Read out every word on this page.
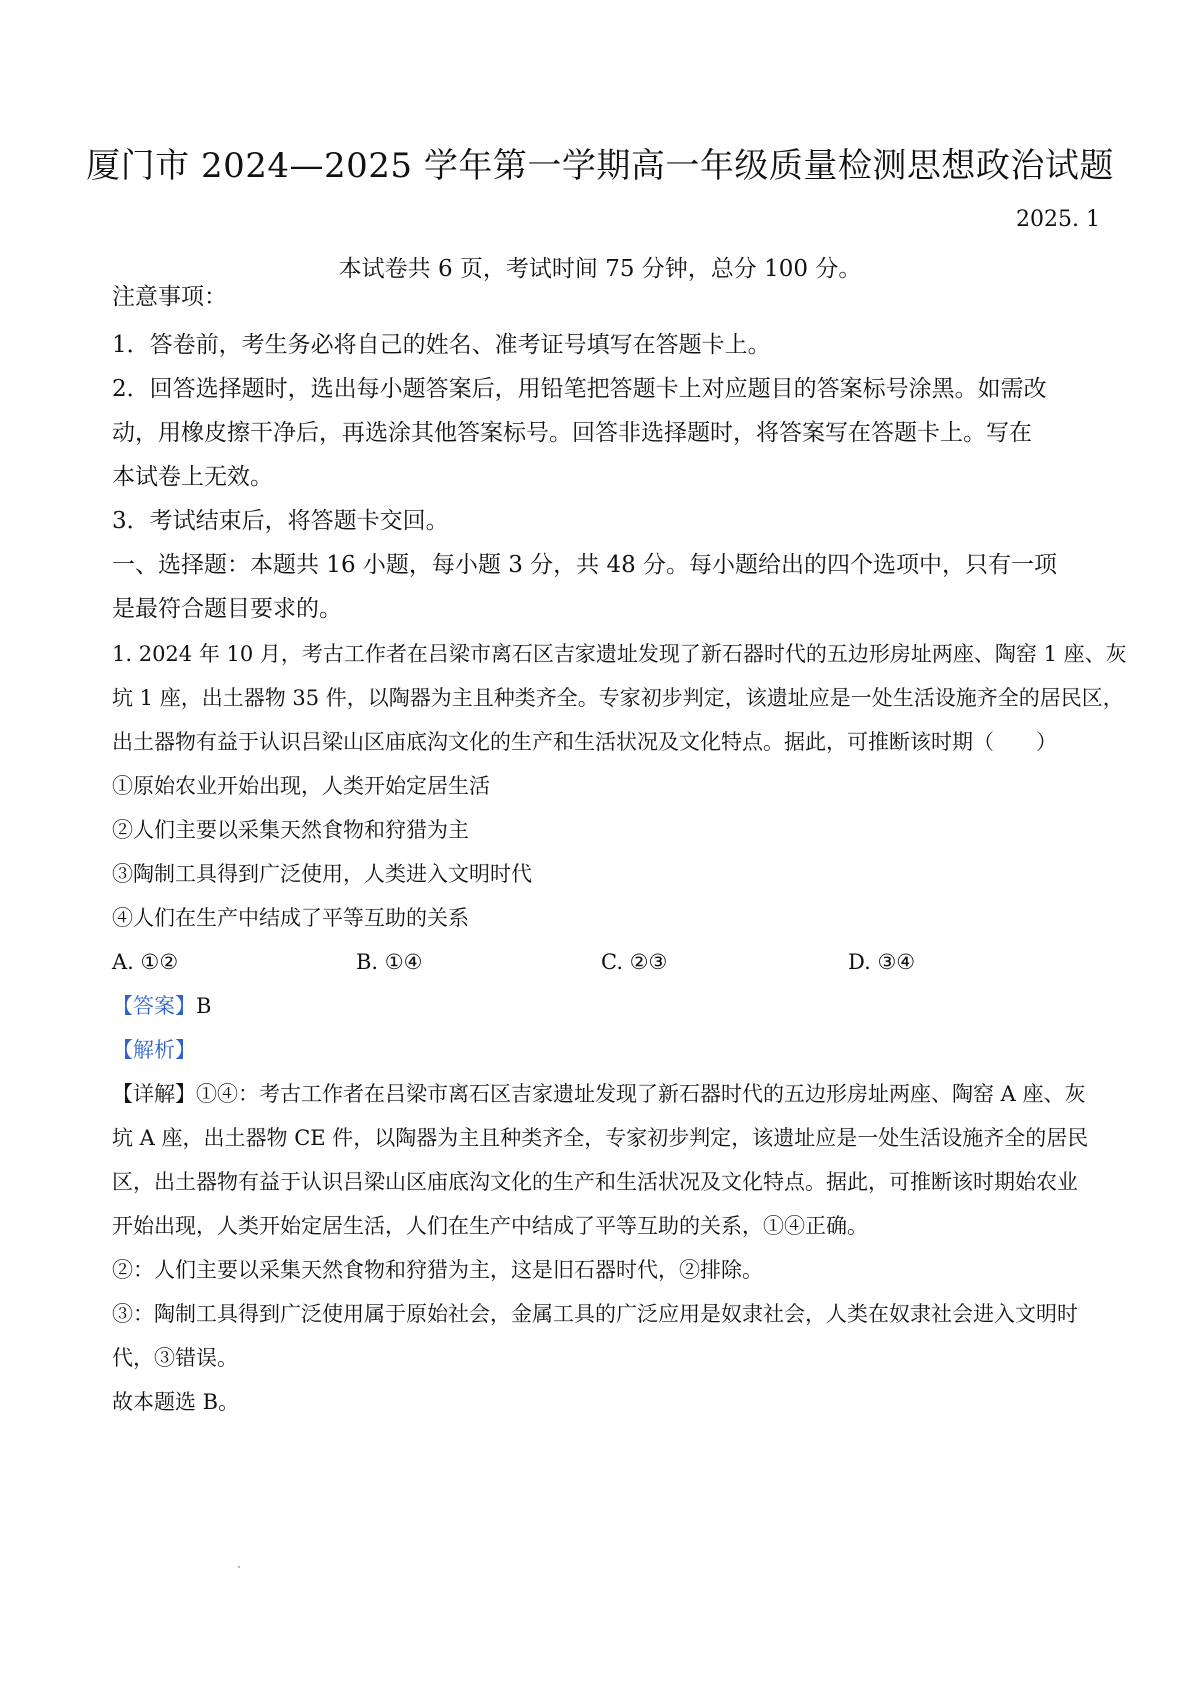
厦门市 2024—2025 学年第一学期高一年级质量检测思想政治试题
2025. 1
本试卷共 6 页，考试时间 75 分钟，总分 100 分。
注意事项：
1．答卷前，考生务必将自己的姓名、准考证号填写在答题卡上。
2．回答选择题时，选出每小题答案后，用铅笔把答题卡上对应题目的答案标号涂黑。如需改
动，用橡皮擦干净后，再选涂其他答案标号。回答非选择题时，将答案写在答题卡上。写在
本试卷上无效。
3．考试结束后，将答题卡交回。
一、选择题：本题共 16 小题，每小题 3 分，共 48 分。每小题给出的四个选项中，只有一项
是最符合题目要求的。
1. 2024 年 10 月，考古工作者在吕梁市离石区吉家遗址发现了新石器时代的五边形房址两座、陶窑 1 座、灰
坑 1 座，出土器物 35 件，以陶器为主且种类齐全。专家初步判定，该遗址应是一处生活设施齐全的居民区，
出土器物有益于认识吕梁山区庙底沟文化的生产和生活状况及文化特点。据此，可推断该时期（　　）
①原始农业开始出现，人类开始定居生活
②人们主要以采集天然食物和狩猎为主
③陶制工具得到广泛使用，人类进入文明时代
④人们在生产中结成了平等互助的关系
A. ①②	B. ①④	C. ②③	D. ③④
【答案】B
【解析】
【详解】①④：考古工作者在吕梁市离石区吉家遗址发现了新石器时代的五边形房址两座、陶窑 A 座、灰
坑 A 座，出土器物 CE 件，以陶器为主且种类齐全，专家初步判定，该遗址应是一处生活设施齐全的居民
区，出土器物有益于认识吕梁山区庙底沟文化的生产和生活状况及文化特点。据此，可推断该时期始农业
开始出现，人类开始定居生活，人们在生产中结成了平等互助的关系，①④正确。
②：人们主要以采集天然食物和狩猎为主，这是旧石器时代，②排除。
③：陶制工具得到广泛使用属于原始社会，金属工具的广泛应用是奴隶社会，人类在奴隶社会进入文明时
代，③错误。
故本题选 B。
